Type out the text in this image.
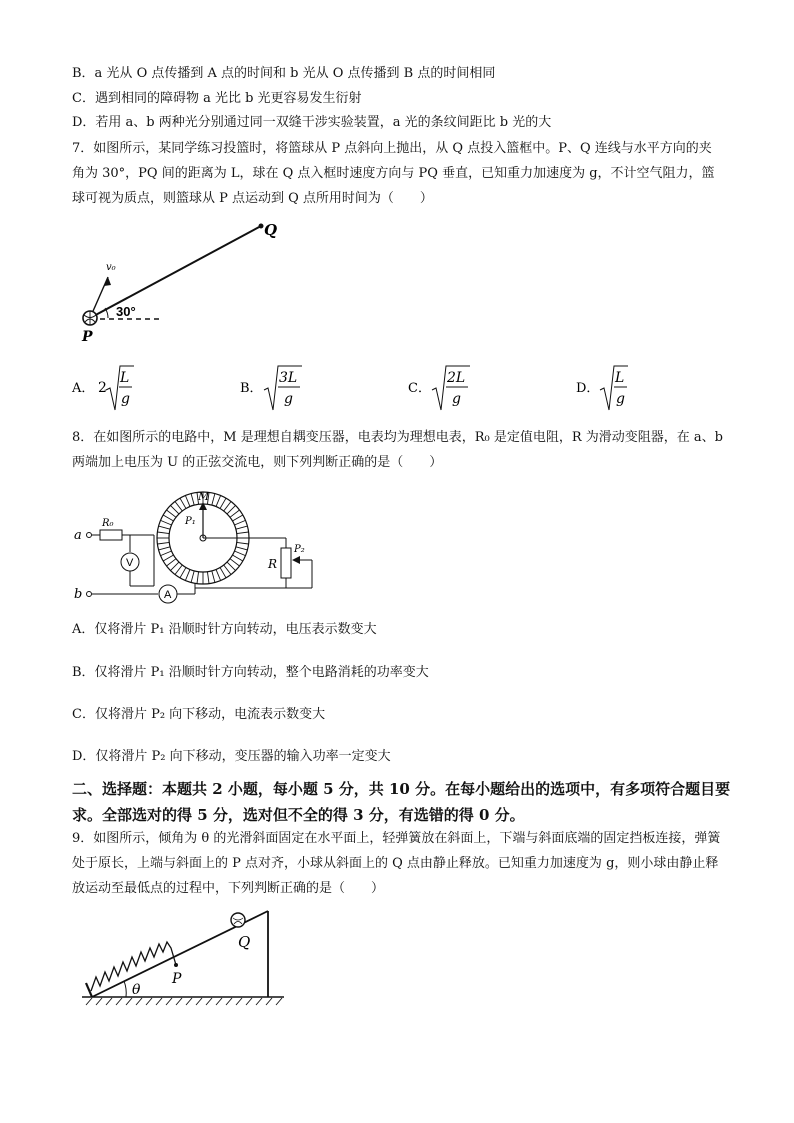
B．a 光从 O 点传播到 A 点的时间和 b 光从 O 点传播到 B 点的时间相同
C．遇到相同的障碍物 a 光比 b 光更容易发生衍射
D．若用 a、b 两种光分别通过同一双缝干涉实验装置，a 光的条纹间距比 b 光的大
7．如图所示，某同学练习投篮时，将篮球从 P 点斜向上抛出，从 Q 点投入篮框中。P、Q 连线与水平方向的夹角为 30°，PQ 间的距离为 L，球在 Q 点入框时速度方向与 PQ 垂直，已知重力加速度为 g，不计空气阻力，篮球可视为质点，则篮球从 P 点运动到 Q 点所用时间为（　　）
Q
P
v₀
30°
A． 2
L
g
B．
3L
g
C．
2L
g
D．
L
g
8．在如图所示的电路中，M 是理想自耦变压器，电表均为理想电表，R₀ 是定值电阻，R 为滑动变阻器，在 a、b 两端加上电压为 U 的正弦交流电，则下列判断正确的是（　　）
a
b
R₀
V
A
M
P₁
R
P₂
A．仅将滑片 P₁ 沿顺时针方向转动，电压表示数变大
B．仅将滑片 P₁ 沿顺时针方向转动，整个电路消耗的功率变大
C．仅将滑片 P₂ 向下移动，电流表示数变大
D．仅将滑片 P₂ 向下移动，变压器的输入功率一定变大
二、选择题：本题共 2 小题，每小题 5 分，共 10 分。在每小题给出的选项中，有多项符合题目要求。全部选对的得 5 分，选对但不全的得 3 分，有选错的得 0 分。
9．如图所示，倾角为 θ 的光滑斜面固定在水平面上，轻弹簧放在斜面上，下端与斜面底端的固定挡板连接，弹簧处于原长，上端与斜面上的 P 点对齐，小球从斜面上的 Q 点由静止释放。已知重力加速度为 g，则小球由静止释放运动至最低点的过程中，下列判断正确的是（　　）
P
Q
θ
